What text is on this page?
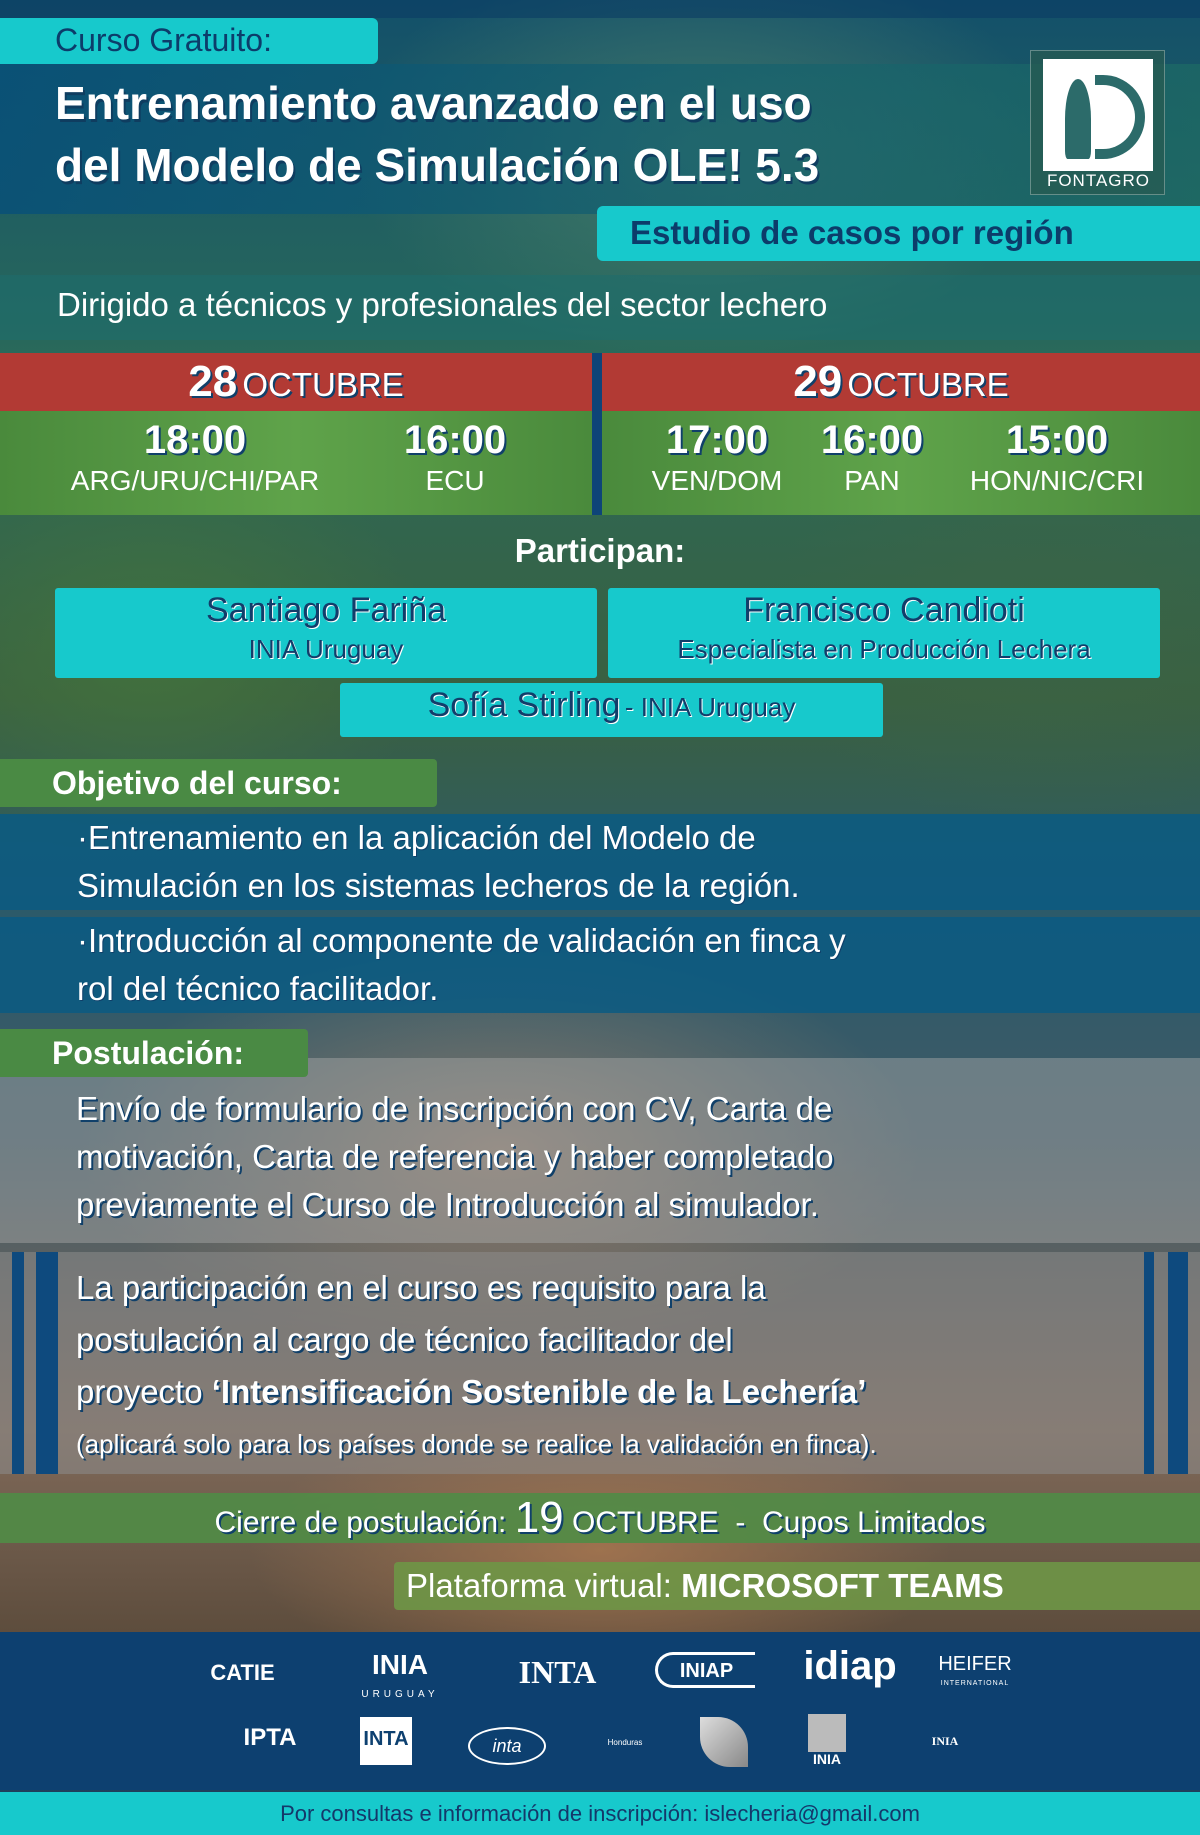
Curso Gratuito:
Entrenamiento avanzado en el uso
del Modelo de Simulación OLE! 5.3	FONTAGRO
Estudio de casos por región
Dirigido a técnicos y profesionales del sector lechero
28 OCTUBRE
18:00
ARG/URU/CHI/PAR
16:00
ECU
29 OCTUBRE
17:00
VEN/DOM
16:00
PAN
15:00
HON/NIC/CRI
Participan:
Santiago Fariña
INIA Uruguay
Francisco Candioti
Especialista en Producción Lechera
Sofía Stirling - INIA Uruguay
Objetivo del curso:
·Entrenamiento en la aplicación del Modelo de
Simulación en los sistemas lecheros de la región.
·Introducción al componente de validación en finca y
rol del técnico facilitador.
Postulación:
Envío de formulario de inscripción con CV, Carta de
motivación, Carta de referencia y haber completado
previamente el Curso de Introducción al simulador.
La participación en el curso es requisito para la
postulación al cargo de técnico facilitador del
proyecto ‘Intensificación Sostenible de la Lechería’
(aplicará solo para los países donde se realice la validación en finca).
Cierre de postulación: 19 OCTUBRE - Cupos Limitados
Plataforma virtual: MICROSOFT TEAMS
CATIE	INIA
URUGUAY
INTA	INIAP	idiap	HEIFER
INTERNATIONAL
IPTA	INTA	inta	Honduras
INIA
INIA
Por consultas e información de inscripción: islecheria@gmail.com
